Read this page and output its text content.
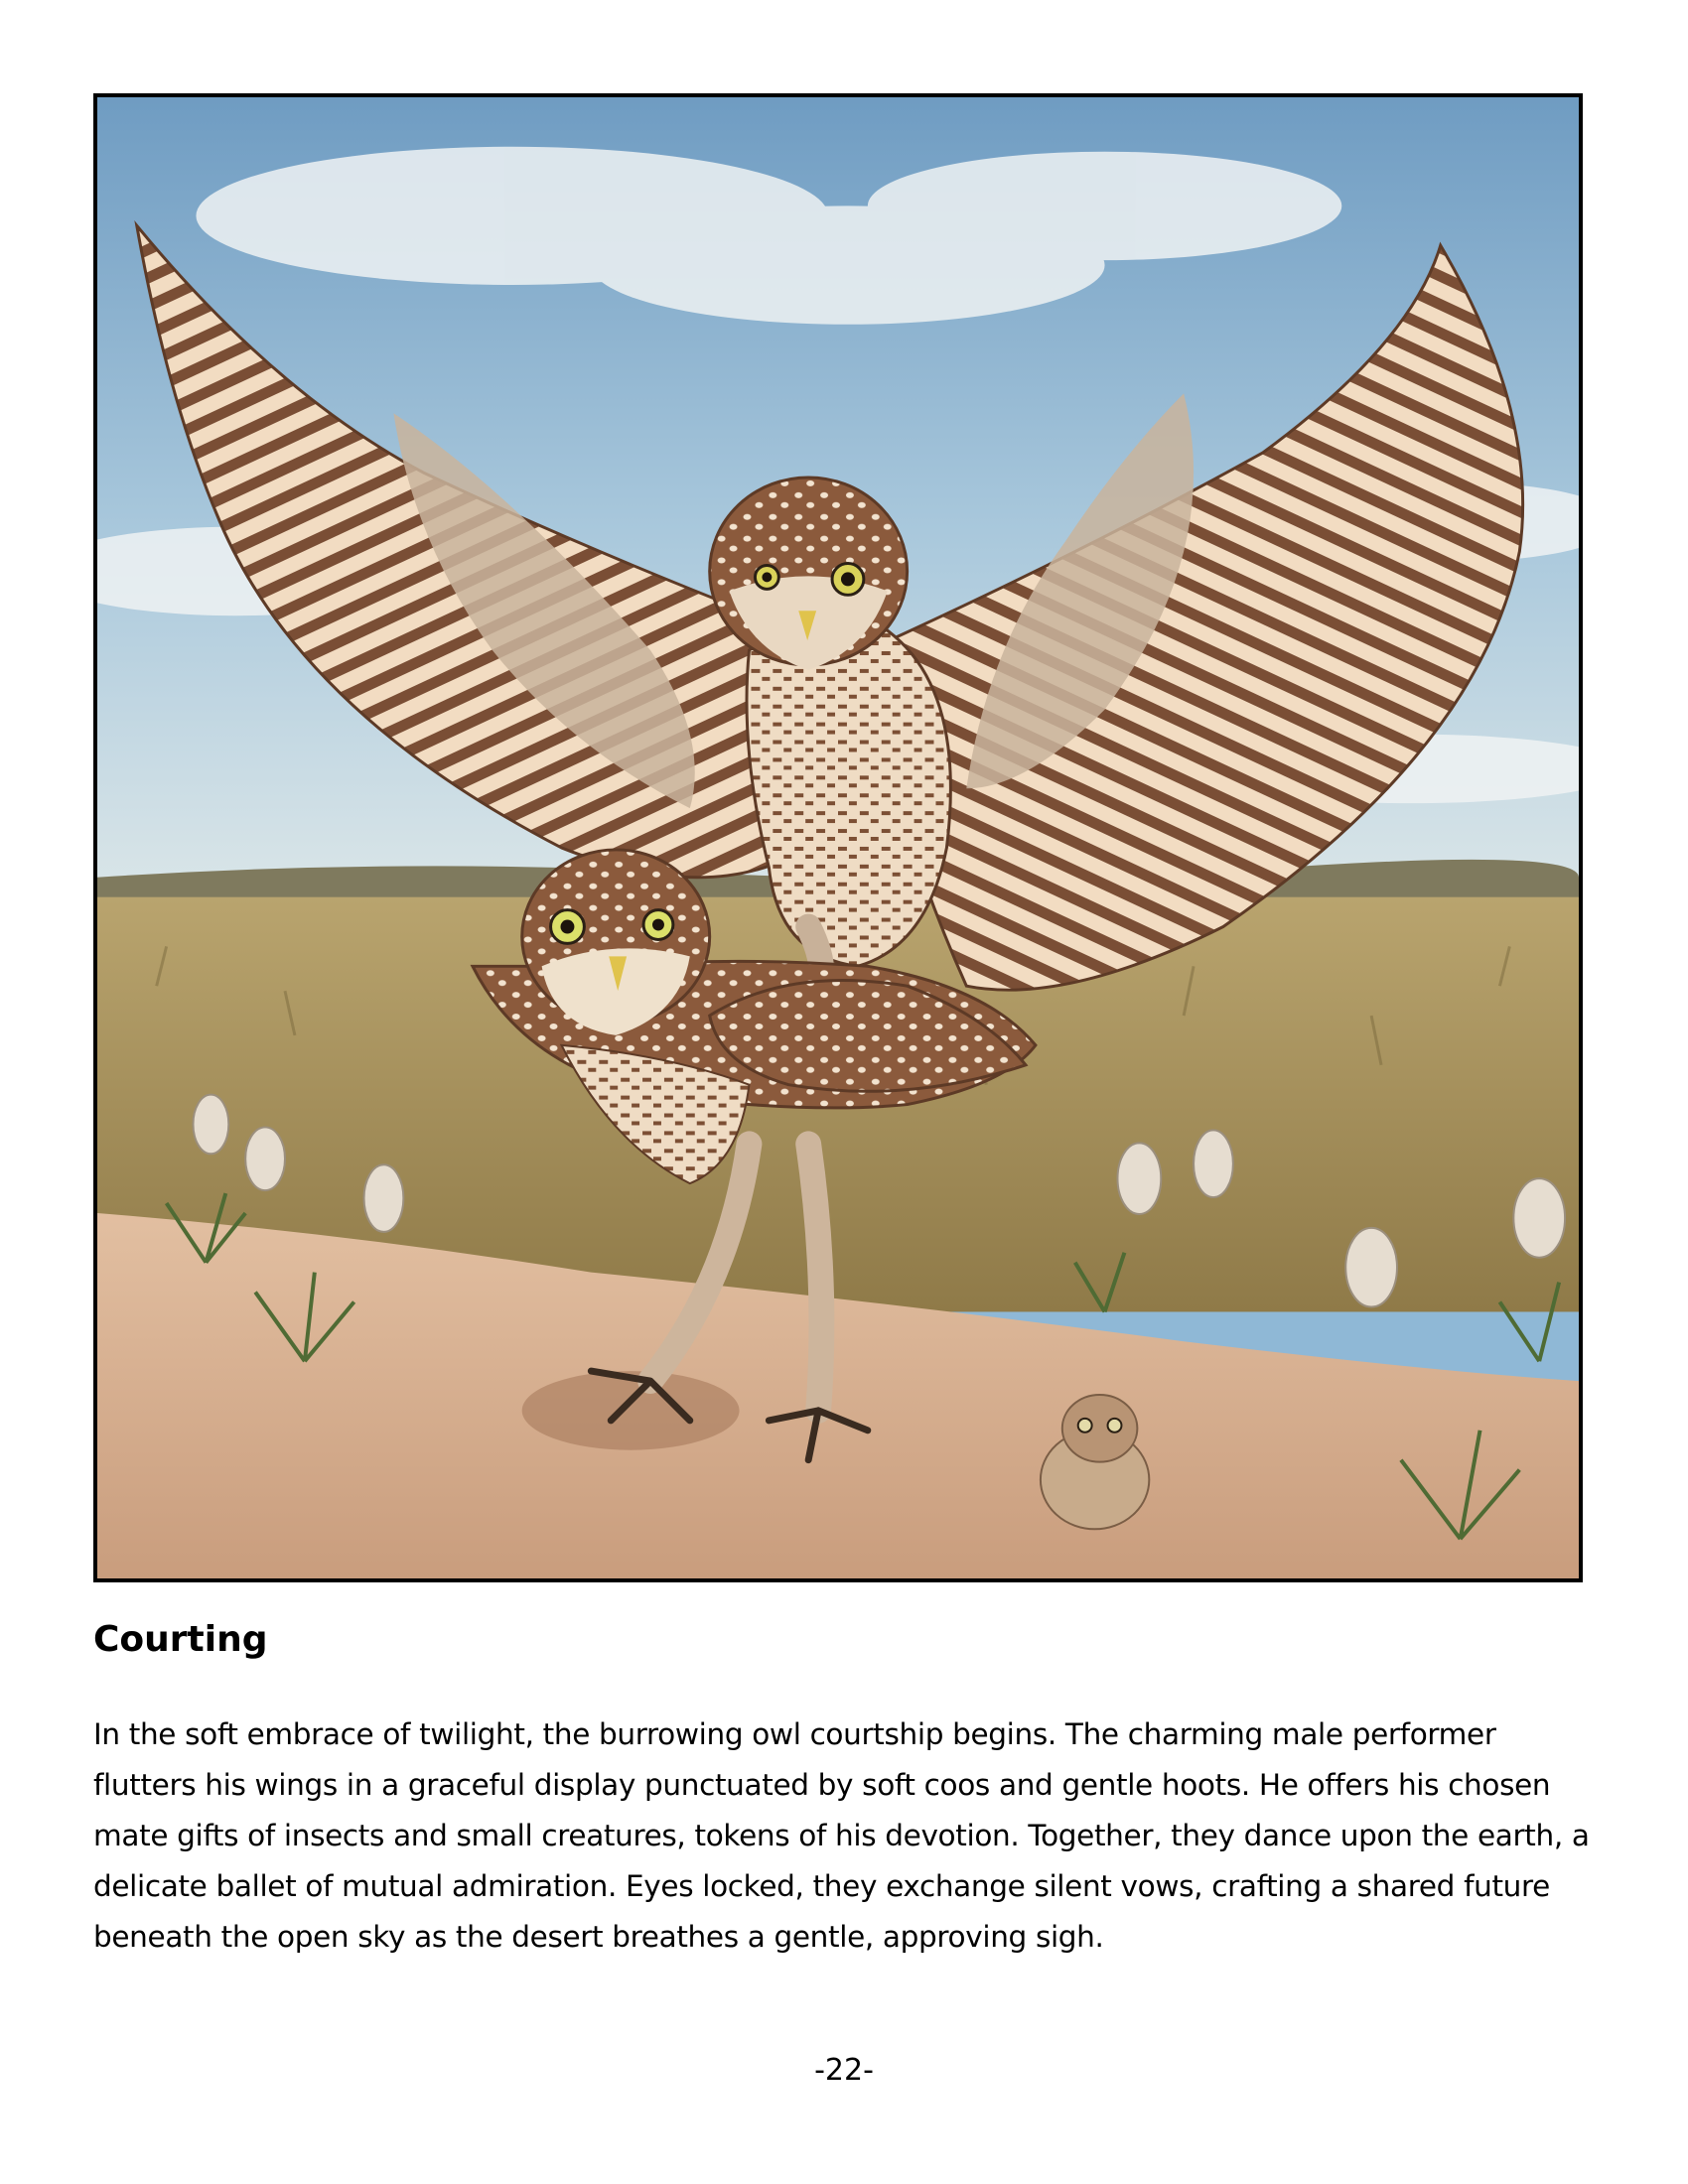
Courting

In the soft embrace of twilight, the burrowing owl courtship begins. The charming male performer flutters his wings in a graceful display punctuated by soft coos and gentle hoots. He offers his chosen mate gifts of insects and small creatures, tokens of his devotion. Together, they dance upon the earth, a delicate ballet of mutual admiration. Eyes locked, they exchange silent vows, crafting a shared future beneath the open sky as the desert breathes a gentle, approving sigh.

-22-
